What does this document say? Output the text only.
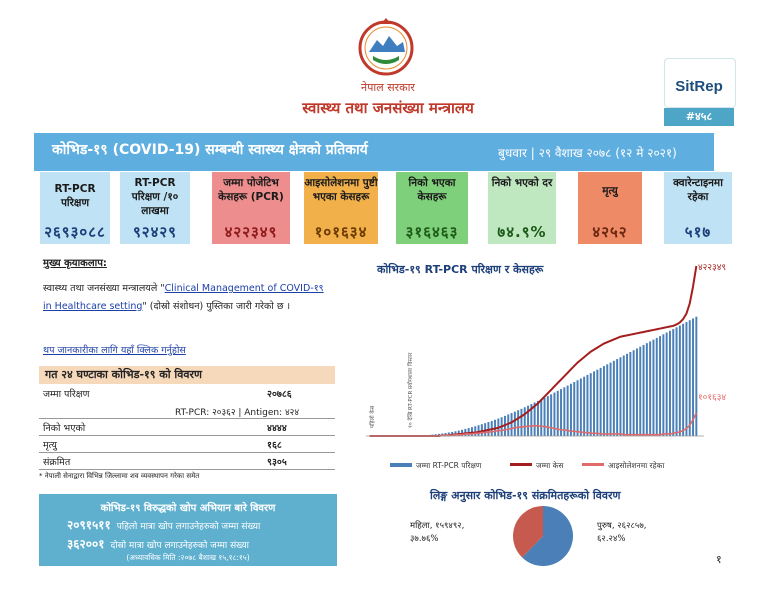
नेपाल सरकार
स्वास्थ्य तथा जनसंख्या मन्त्रालय
SitRep
#४५८
कोभिड-१९ (COVID-19) सम्बन्धी स्वास्थ्य क्षेत्रको प्रतिकार्य	बुधवार | २९ वैशाख २०७८ (१२ मे २०२१)
RT-PCR परिक्षण
२६९३०८८
RT-PCR परिक्षण /१० लाखमा
९२४२९
जम्मा पोजेटिभ केसहरू (PCR)
४२२३४९
आइसोलेशनमा पुष्टी भएका केसहरू
१०१६३४
निको भएका केसहरू
३१६४६३
निको भएको दर
७४.९%
मृत्यु
४२५२
क्वारेन्टाइनमा रहेका
५१७
मुख्य कृयाकलाप:
स्वास्थ्य तथा जनसंख्या मन्त्रालयले "Clinical Management of COVID-१९ in Healthcare setting" (दोस्रो संशोधन) पुस्तिका जारी गरेको छ ।
थप जानकारीका लागि यहाँ क्लिक गर्नुहोस
गत २४ घण्टाका कोभिड-१९ को विवरण
जम्मा परिक्षण	२०७८६
RT-PCR: २०३६२ | Antigen: ४२४
निको भएको	४४४४
मृत्यु	१६८
संक्रमित	९३०५
* नेपाली सेनाद्वारा विभिन्न जिल्लामा शव व्यवस्थापन गरेका समेत
कोभिड-१९ विरुद्धको खोप अभियान बारे विवरण
२०९१५११ पहिलो मात्रा खोप लगाउनेहरुको जम्मा संख्या
३६२००१ दोस्रो मात्रा खोप लगाउनेहरुको जम्मा संख्या
(अध्यावधिक मिति :२०७८ बैशाख १५,१८:१५)
४२२३४९
१०१६३४
पहिलो केस	१० देखि RT-PCR प्रयोगशाला विस्तार
जम्मा RT-PCR परिक्षण	जम्मा केस	आइसोलेशनमा रहेका
कोभिड-१९ RT-PCR परिक्षण र केसहरू
लिङ्ग अनुसार कोभिड-१९ संक्रमितहरूको विवरण
महिला, १५९४९२,
३७.७६%
पुरुष, २६२८५७,
६२.२४%
१
